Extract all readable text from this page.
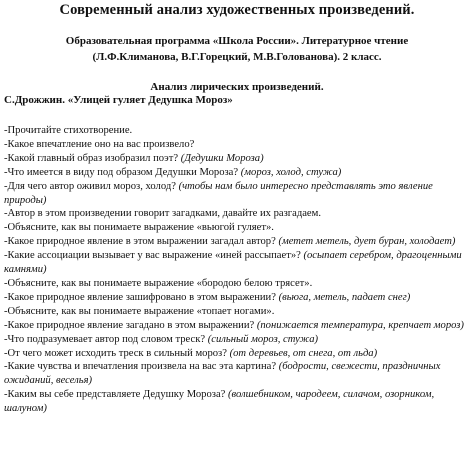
Современный анализ художественных произведений.
Образовательная программа «Школа России». Литературное чтение
(Л.Ф.Климанова, В.Г.Горецкий, М.В.Голованова). 2 класс.
Анализ лирических произведений.
С.Дрожжин. «Улицей гуляет Дедушка Мороз»

-Прочитайте стихотворение.

-Какое впечатление оно на вас произвело?

-Какой главный образ изобразил поэт? (Дедушки Мороза)

-Что имеется в виду под образом Дедушки Мороза? (мороз, холод, стужа)

-Для чего автор оживил мороз, холод? (чтобы нам было интересно представлять это явление природы)

-Автор в этом произведении говорит загадками, давайте их разгадаем.

-Объясните, как вы понимаете выражение «вьюгой гуляет».

-Какое природное явление в этом выражении загадал автор? (метет метель, дует буран, холодает)

-Какие ассоциации вызывает у вас выражение «иней рассыпает»? (осыпает серебром, драгоценными камнями)

-Объясните, как вы понимаете выражение «бородою белою трясет».

-Какое природное явление зашифровано в этом выражении? (вьюга, метель, падает снег)

-Объясните, как вы понимаете выражение «топает ногами».

-Какое природное явление загадано в этом выражении? (понижается температура, крепчает мороз)

-Что подразумевает автор под словом треск? (сильный мороз, стужа)

-От чего может исходить треск в сильный мороз? (от деревьев, от снега, от льда)

-Какие чувства и впечатления произвела на вас эта картина? (бодрости, свежести, праздничных ожиданий, веселья)

-Каким вы себе представляете Дедушку Мороза? (волшебником, чародеем, силачом, озорником, шалуном)
